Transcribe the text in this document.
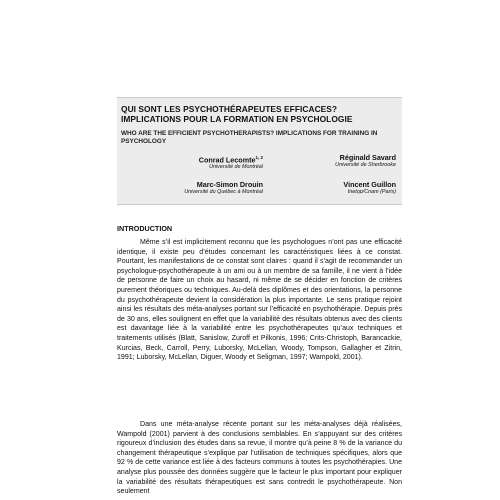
QUI SONT LES PSYCHOTHÉRAPEUTES EFFICACES? IMPLICATIONS POUR LA FORMATION EN PSYCHOLOGIE

WHO ARE THE EFFICIENT PSYCHOTHERAPISTS? IMPLICATIONS FOR TRAINING IN PSYCHOLOGY

Conrad Lecomte$^{1, 2}$
Université de Montréal
Réginald Savard
Université de Sherbrooke
Marc-Simon Drouin
Université du Québec à Montréal
Vincent Guillon
Inetop/Cnam (Paris)

INTRODUCTION

Même s’il est implicitement reconnu que les psychologues n’ont pas une efficacité identique, il existe peu d’études concernant les caractéristiques liées à ce constat. Pourtant, les manifestations de ce constat sont claires : quand il s’agit de recommander un psychologue-psychothérapeute à un ami ou à un membre de sa famille, il ne vient à l’idée de personne de faire un choix au hasard, ni même de se décider en fonction de critères purement théoriques ou techniques. Au-delà des diplômes et des orientations, la personne du psychothérapeute devient la considération la plus importante. Le sens pratique rejoint ainsi les résultats des méta-analyses portant sur l’efficacité en psychothérapie. Depuis près de 30 ans, elles soulignent en effet que la variabilité des résultats obtenus avec des clients est davantage liée à la variabilité entre les psychothérapeutes qu’aux techniques et traitements utilisés (Blatt, Sanislow, Zuroff et Pilkonis, 1996; Crits-Christoph, Barancackie, Kurcias, Beck, Carroll, Perry, Luborsky, McLellan, Woody, Tompson, Gallagher et Zitrin, 1991; Luborsky, McLellan, Diguer, Woody et Seligman, 1997; Wampold, 2001).

Dans une méta-analyse récente portant sur les méta-analyses déjà réalisées, Wampold (2001) parvient à des conclusions semblables. En s’appuyant sur des critères rigoureux d’inclusion des études dans sa revue, il montre qu’à peine 8 % de la variance du changement thérapeutique s’explique par l’utilisation de techniques spécifiques, alors que 92 % de cette variance est liée à des facteurs communs à toutes les psychothérapies. Une analyse plus poussée des données suggère que le facteur le plus important pour expliquer la variabilité des résultats thérapeutiques est sans contredit le psychothérapeute. Non seulement
